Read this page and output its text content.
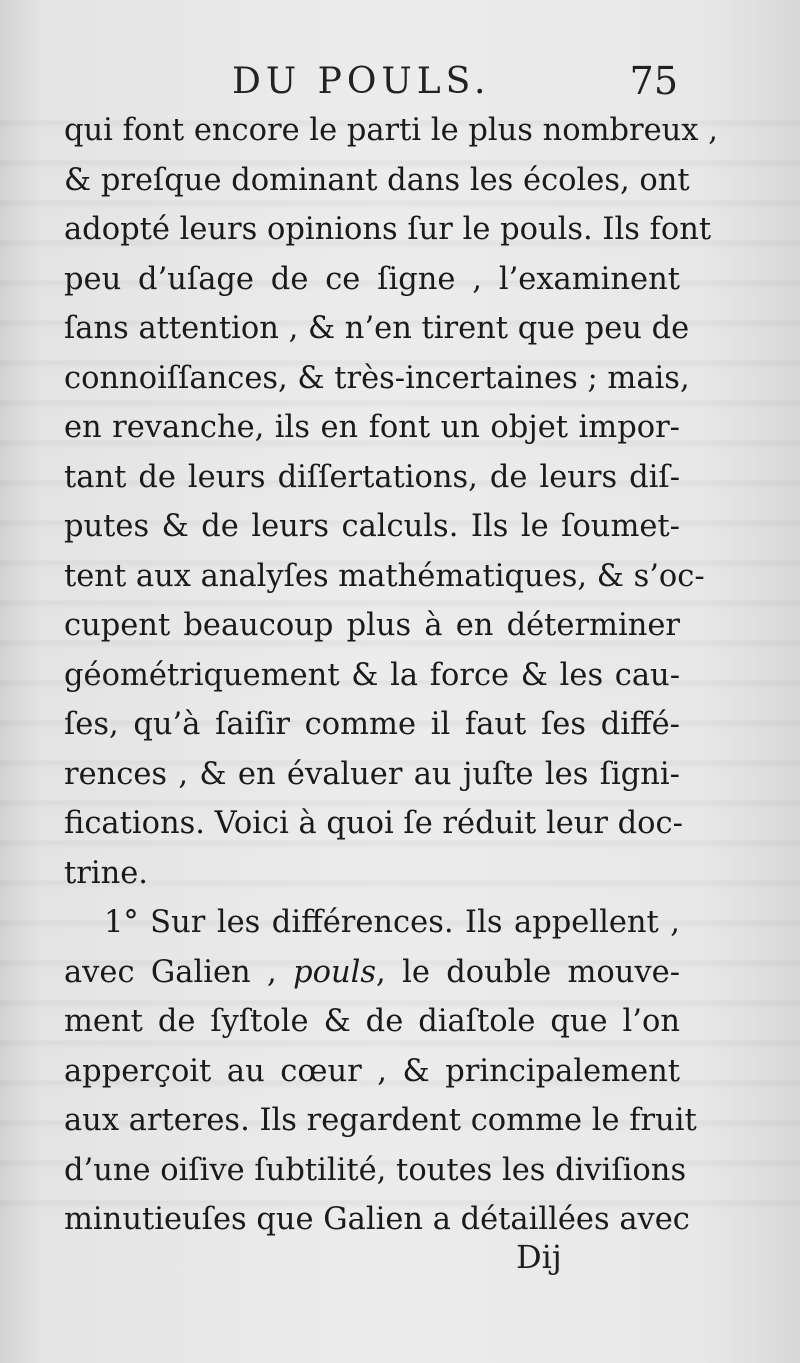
DU POULS.	75
qui font encore le parti le plus nombreux ,
& preſque dominant dans les écoles, ont
adopté leurs opinions ſur le pouls. Ils font
peu d’uſage de ce ſigne , l’examinent
ſans attention , & n’en tirent que peu de
connoiſſances, & très-incertaines ; mais,
en revanche, ils en font un objet impor-
tant de leurs diſſertations, de leurs diſ-
putes & de leurs calculs. Ils le ſoumet-
tent aux analyſes mathématiques, & s’oc-
cupent beaucoup plus à en déterminer
géométriquement & la force & les cau-
ſes, qu’à ſaiſir comme il faut ſes diffé-
rences , & en évaluer au juſte les ſigni-
fications. Voici à quoi ſe réduit leur doc-
trine.
1° Sur les différences. Ils appellent ,
avec Galien , pouls, le double mouve-
ment de ſyſtole & de diaſtole que l’on
apperçoit au cœur , & principalement
aux arteres. Ils regardent comme le fruit
d’une oiſive ſubtilité, toutes les diviſions
minutieuſes que Galien a détaillées avec
Dij
